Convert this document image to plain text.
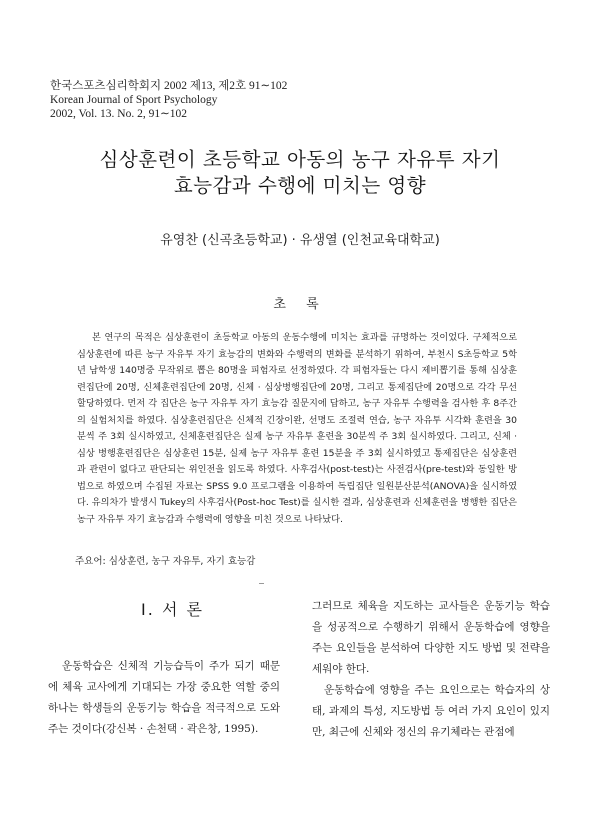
한국스포츠심리학회지 2002 제13, 제2호 91∼102
Korean Journal of Sport Psychology
2002, Vol. 13. No. 2, 91∼102
심상훈련이 초등학교 아동의 농구 자유투 자기
효능감과 수행에 미치는 영향
유영찬 (신곡초등학교) · 유생열 (인천교육대학교)
초 록
본 연구의 목적은 심상훈련이 초등학교 아동의 운동수행에 미치는 효과를 규명하는 것이었다. 구체적으로 심상훈련에 따른 농구 자유투 자기 효능감의 변화와 수행력의 변화를 분석하기 위하여, 부천시 S초등학교 5학년 남학생 140명중 무작위로 뽑은 80명을 피험자로 선정하였다. 각 피험자들는 다시 제비뽑기를 통해 심상훈련집단에 20명, 신체훈련집단에 20명, 신체 · 심상병행집단에 20명, 그리고 통제집단에 20명으로 각각 무선 할당하였다. 먼저 각 집단은 농구 자유투 자기 효능감 질문지에 답하고, 농구 자유투 수행력을 검사한 후 8주간의 실험처치를 하였다. 심상훈련집단은 신체적 긴장이완, 선명도 조절력 연습, 농구 자유투 시각화 훈련을 30분씩 주 3회 실시하였고, 신체훈련집단은 실제 농구 자유투 훈련을 30분씩 주 3회 실시하였다. 그리고, 신체 · 심상 병행훈련집단은 심상훈련 15분, 실제 농구 자유투 훈련 15분을 주 3회 실시하였고 통제집단은 심상훈련과 관련이 없다고 판단되는 위인전을 읽도록 하였다. 사후검사(post-test)는 사전검사(pre-test)와 동일한 방법으로 하였으며 수집된 자료는 SPSS 9.0 프로그램을 이용하여 독립집단 일원분산분석(ANOVA)을 실시하였다. 유의차가 발생시 Tukey의 사후검사(Post-hoc Test)를 실시한 결과, 심상훈련과 신체훈련을 병행한 집단은 농구 자유투 자기 효능감과 수행력에 영향을 미친 것으로 나타났다.
주요어: 심상훈련, 농구 자유투, 자기 효능감
Ⅰ. 서 론
운동학습은 신체적 기능습득이 주가 되기 때문에 체육 교사에게 기대되는 가장 중요한 역할 중의 하나는 학생들의 운동기능 학습을 적극적으로 도와주는 것이다(강신복 · 손천택 · 곽은창, 1995).

그러므로 체육을 지도하는 교사들은 운동기능 학습을 성공적으로 수행하기 위해서 운동학습에 영향을 주는 요인들을 분석하여 다양한 지도 방법 및 전략을 세워야 한다.

운동학습에 영향을 주는 요인으로는 학습자의 상태, 과제의 특성, 지도방법 등 여러 가지 요인이 있지만, 최근에 신체와 정신의 유기체라는 관점에
